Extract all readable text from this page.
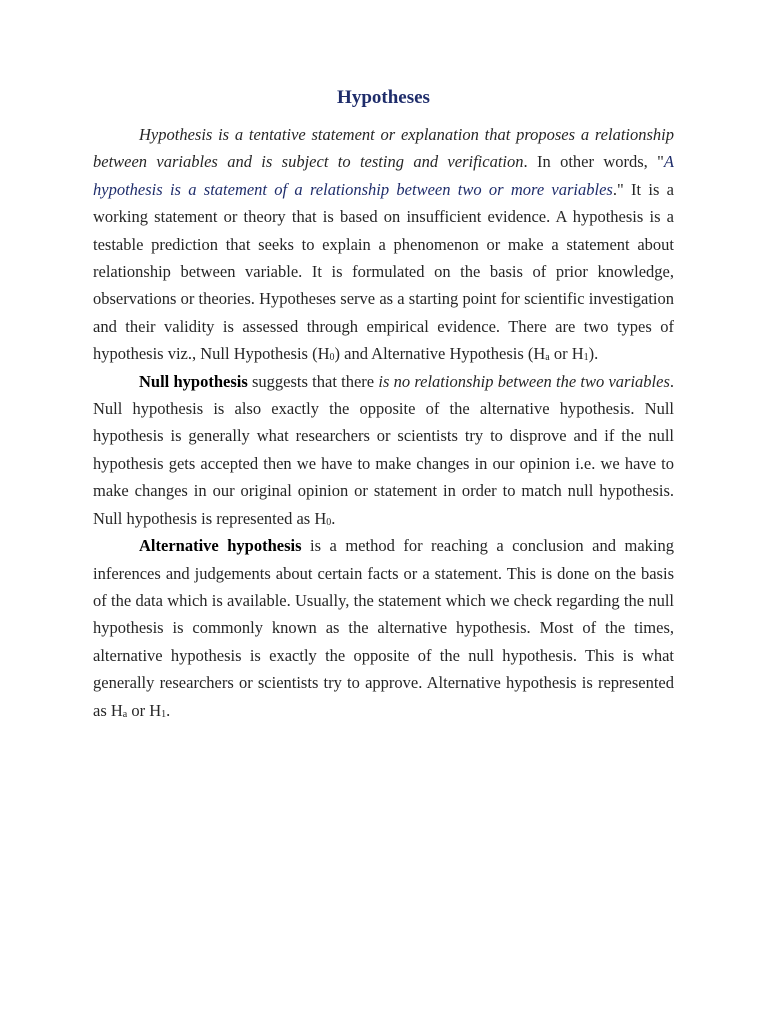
Hypotheses

Hypothesis is a tentative statement or explanation that proposes a relationship between variables and is subject to testing and verification. In other words, "A hypothesis is a statement of a relationship between two or more variables." It is a working statement or theory that is based on insufficient evidence. A hypothesis is a testable prediction that seeks to explain a phenomenon or make a statement about relationship between variable. It is formulated on the basis of prior knowledge, observations or theories. Hypotheses serve as a starting point for scientific investigation and their validity is assessed through empirical evidence. There are two types of hypothesis viz., Null Hypothesis $(H_0)$ and Alternative Hypothesis ($H_a$ or $H_1$).

Null hypothesis suggests that there is no relationship between the two variables. Null hypothesis is also exactly the opposite of the alternative hypothesis. Null hypothesis is generally what researchers or scientists try to disprove and if the null hypothesis gets accepted then we have to make changes in our opinion i.e. we have to make changes in our original opinion or statement in order to match null hypothesis. Null hypothesis is represented as $H_0$.

Alternative hypothesis is a method for reaching a conclusion and making inferences and judgements about certain facts or a statement. This is done on the basis of the data which is available. Usually, the statement which we check regarding the null hypothesis is commonly known as the alternative hypothesis. Most of the times, alternative hypothesis is exactly the opposite of the null hypothesis. This is what generally researchers or scientists try to approve. Alternative hypothesis is represented as $H_a$ or $H_1$.
